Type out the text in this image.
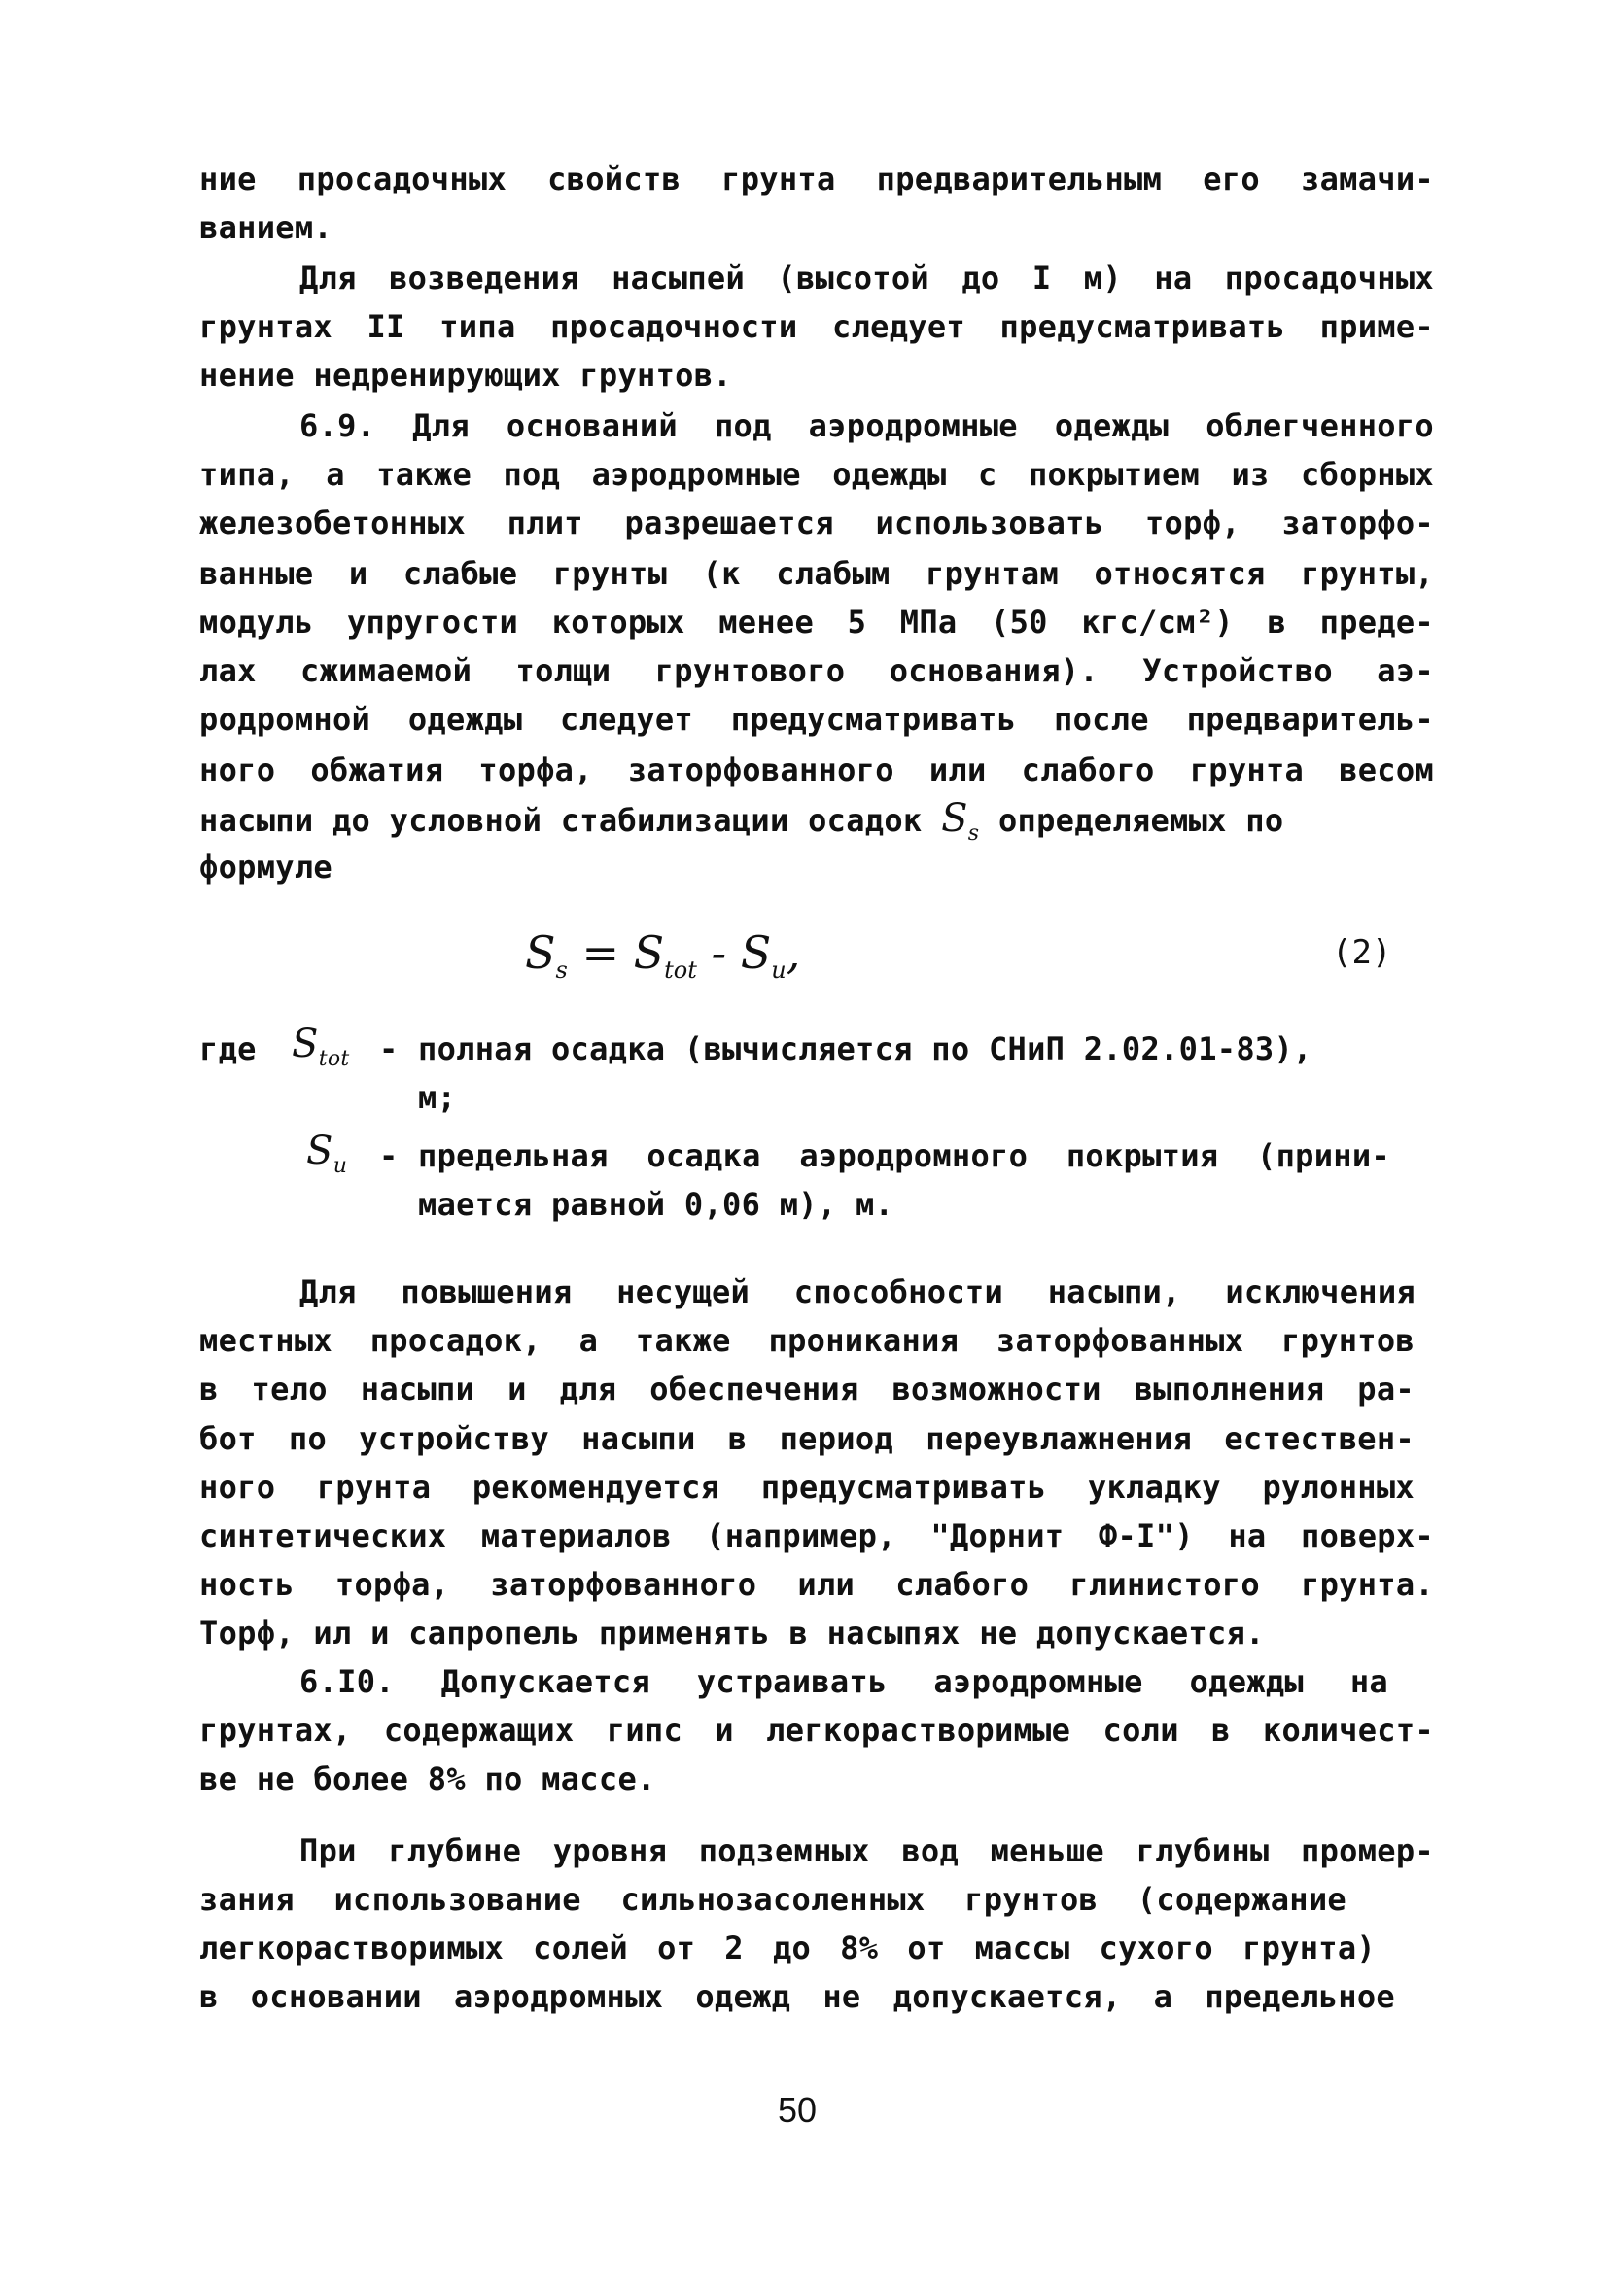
ние просадочных свойств грунта предварительным его замачи-
ванием.
Для возведения насыпей (высотой до I м) на просадочных
грунтах II типа просадочности следует предусматривать приме-
нение недренирующих грунтов.
6.9. Для оснований под аэродромные одежды облегченного
типа, а также под аэродромные одежды с покрытием из сборных
железобетонных плит разрешается использовать торф, заторфо-
ванные и слабые грунты (к слабым грунтам относятся грунты,
модуль упругости которых менее 5 МПа (50 кгс/см²) в преде-
лах сжимаемой толщи грунтового основания). Устройство аэ-
родромной одежды следует предусматривать после предваритель-
ного обжатия торфа, заторфованного или слабого грунта весом
насыпи до условной стабилизации осадок $S_s$ определяемых по
формуле
$S_s = S_{tot} - S_u$,	(2)
где $S_{tot}$ - полная осадка (вычисляется по СНиП 2.02.01-83),
м;
$S_u$	- предельная осадка аэродромного покрытия (прини-
мается равной 0,06 м), м.
Для повышения несущей способности насыпи, исключения
местных просадок, а также проникания заторфованных грунтов
в тело насыпи и для обеспечения возможности выполнения ра-
бот по устройству насыпи в период переувлажнения естествен-
ного грунта рекомендуется предусматривать укладку рулонных
синтетических материалов (например, "Дорнит Ф-I") на поверх-
ность торфа, заторфованного или слабого глинистого грунта.
Торф, ил и сапропель применять в насыпях не допускается.
6.I0. Допускается устраивать аэродромные одежды на
грунтах, содержащих гипс и легкорастворимые соли в количест-
ве не более 8% по массе.
При глубине уровня подземных вод меньше глубины промер-
зания использование сильнозасоленных грунтов (содержание
легкорастворимых солей от 2 до 8% от массы сухого грунта)
в основании аэродромных одежд не допускается, а предельное
50
